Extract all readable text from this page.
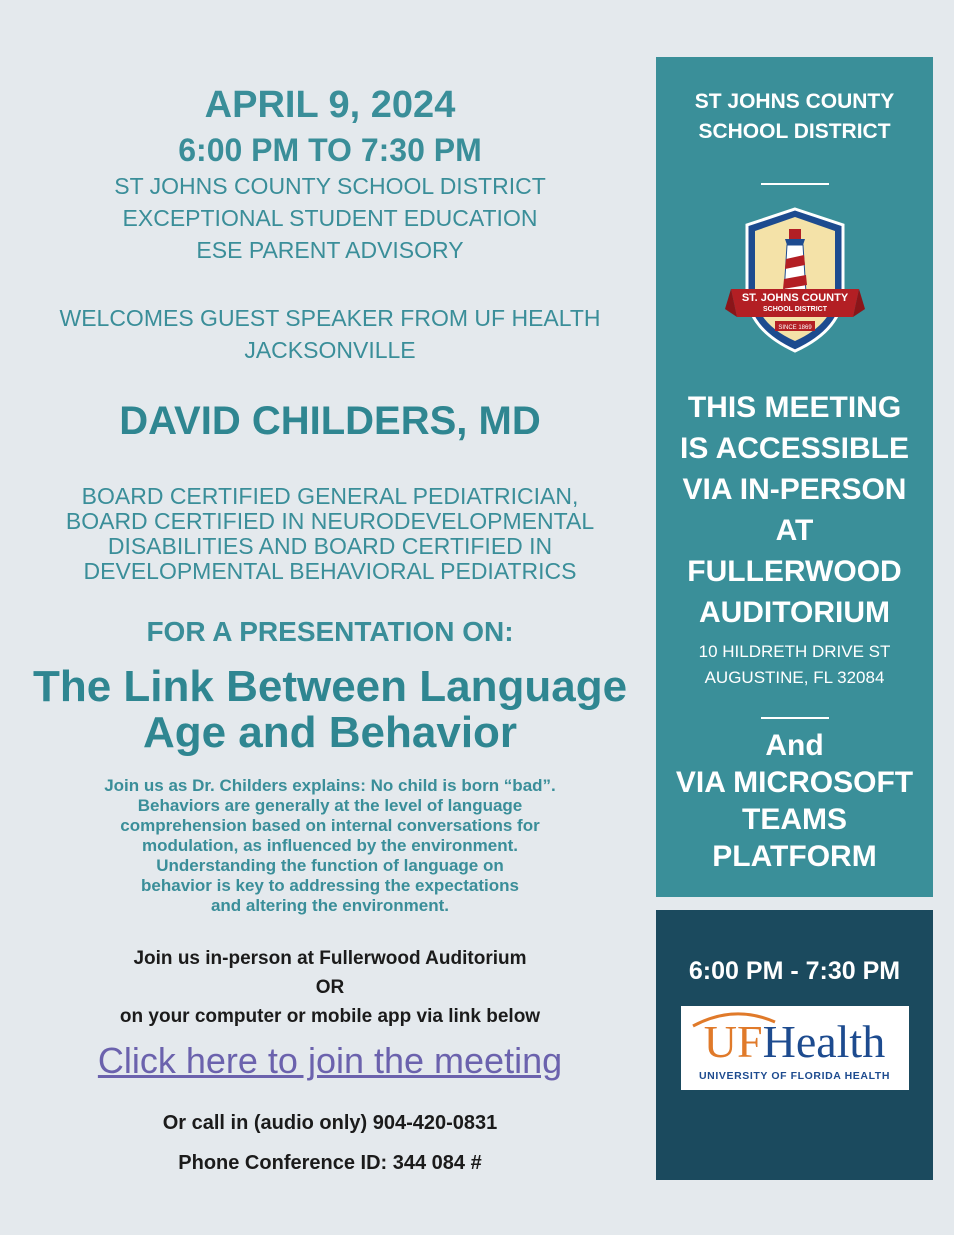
APRIL 9, 2024
6:00 PM TO 7:30 PM
ST JOHNS COUNTY SCHOOL DISTRICT
EXCEPTIONAL STUDENT EDUCATION
ESE PARENT ADVISORY
WELCOMES GUEST SPEAKER FROM UF HEALTH
JACKSONVILLE
DAVID CHILDERS, MD
BOARD CERTIFIED GENERAL PEDIATRICIAN,
BOARD CERTIFIED IN NEURODEVELOPMENTAL
DISABILITIES AND BOARD CERTIFIED IN
DEVELOPMENTAL BEHAVIORAL PEDIATRICS
FOR A PRESENTATION ON:
The Link Between Language
Age and Behavior
Join us as Dr. Childers explains: No child is born “bad”.
Behaviors are generally at the level of language
comprehension based on internal conversations for
modulation, as influenced by the environment.
Understanding the function of language on
behavior is key to addressing the expectations
and altering the environment.
Join us in-person at Fullerwood Auditorium
OR
on your computer or mobile app via link below
Click here to join the meeting
Or call in (audio only) 904-420-0831
Phone Conference ID: 344 084 #
ST JOHNS COUNTY
SCHOOL DISTRICT
ST. JOHNS COUNTY
SCHOOL DISTRICT
SINCE 1869
THIS MEETING
IS ACCESSIBLE
VIA IN-PERSON
AT
FULLERWOOD
AUDITORIUM
10 HILDRETH DRIVE ST
AUGUSTINE, FL 32084
And
VIA MICROSOFT
TEAMS
PLATFORM
6:00 PM - 7:30 PM
UFHealth
UNIVERSITY OF FLORIDA HEALTH
